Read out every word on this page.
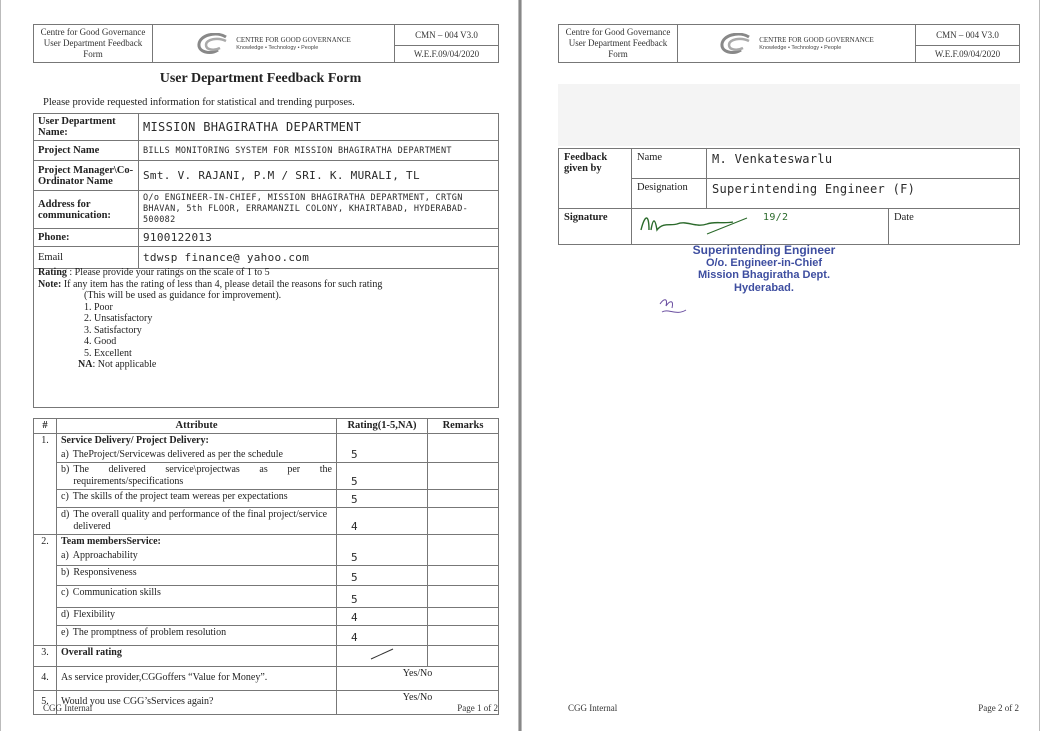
Centre for Good Governance
User Department Feedback Form

CENTRE FOR GOOD GOVERNANCE
Knowledge • Technology • People

CMN – 004 V3.0
W.E.F.09/04/2020
User Department Feedback Form
Please provide requested information for statistical and trending purposes.
User Department Name:	MISSION BHAGIRATHA DEPARTMENT
Project Name	BILLS MONITORING SYSTEM FOR MISSION BHAGIRATHA DEPARTMENT
Project Manager\Co-Ordinator Name	Smt. V. RAJANI, P.M / SRI. K. MURALI, TL
Address for communication:	O/o ENGINEER-IN-CHIEF, MISSION BHAGIRATHA DEPARTMENT, CRTGN BHAVAN, 5th FLOOR, ERRAMANZIL COLONY, KHAIRTABAD, HYDERABAD-500082
Phone:	9100122013
Email	tdwsp finance@ yahoo.com
Rating : Please provide your ratings on the scale of 1 to 5
Note: If any item has the rating of less than 4, please detail the reasons for such rating
(This will be used as guidance for improvement).
1. Poor
2. Unsatisfactory
3. Satisfactory
4. Good
5. Excellent
NA: Not applicable
#	Attribute	Rating(1-5,NA)	Remarks
1.	Service Delivery/ Project Delivery:		

	a) TheProject/Servicewas delivered as per the schedule	5	

	b) The delivered service\projectwas as per the requirements/specifications	5	

	c) The skills of the project team wereas per expectations	5	

	d) The overall quality and performance of the final project/service delivered	4	
2.	Team membersService:		

	a) Approachability	5	

	b) Responsiveness	5	

	c) Communication skills	5	

	d) Flexibility	4	

	e) The promptness of problem resolution	4	
3.	Overall rating		
4.	As service provider,CGGoffers “Value for Money”.	Yes/No	
5.	Would you use CGG’sServices again?	Yes/No	
CGG Internal	Page 1 of 2
Centre for Good Governance
User Department Feedback Form

CENTRE FOR GOOD GOVERNANCE
Knowledge • Technology • People

CMN – 004 V3.0
W.E.F.09/04/2020
Feedback given by	Name	M. Venkateswarlu	
	Designation	Superintending Engineer (F)	
Signature	19/2		Date
Superintending Engineer
O/o. Engineer-in-Chief
Mission Bhagiratha Dept.
Hyderabad.
CGG Internal	Page 2 of 2
